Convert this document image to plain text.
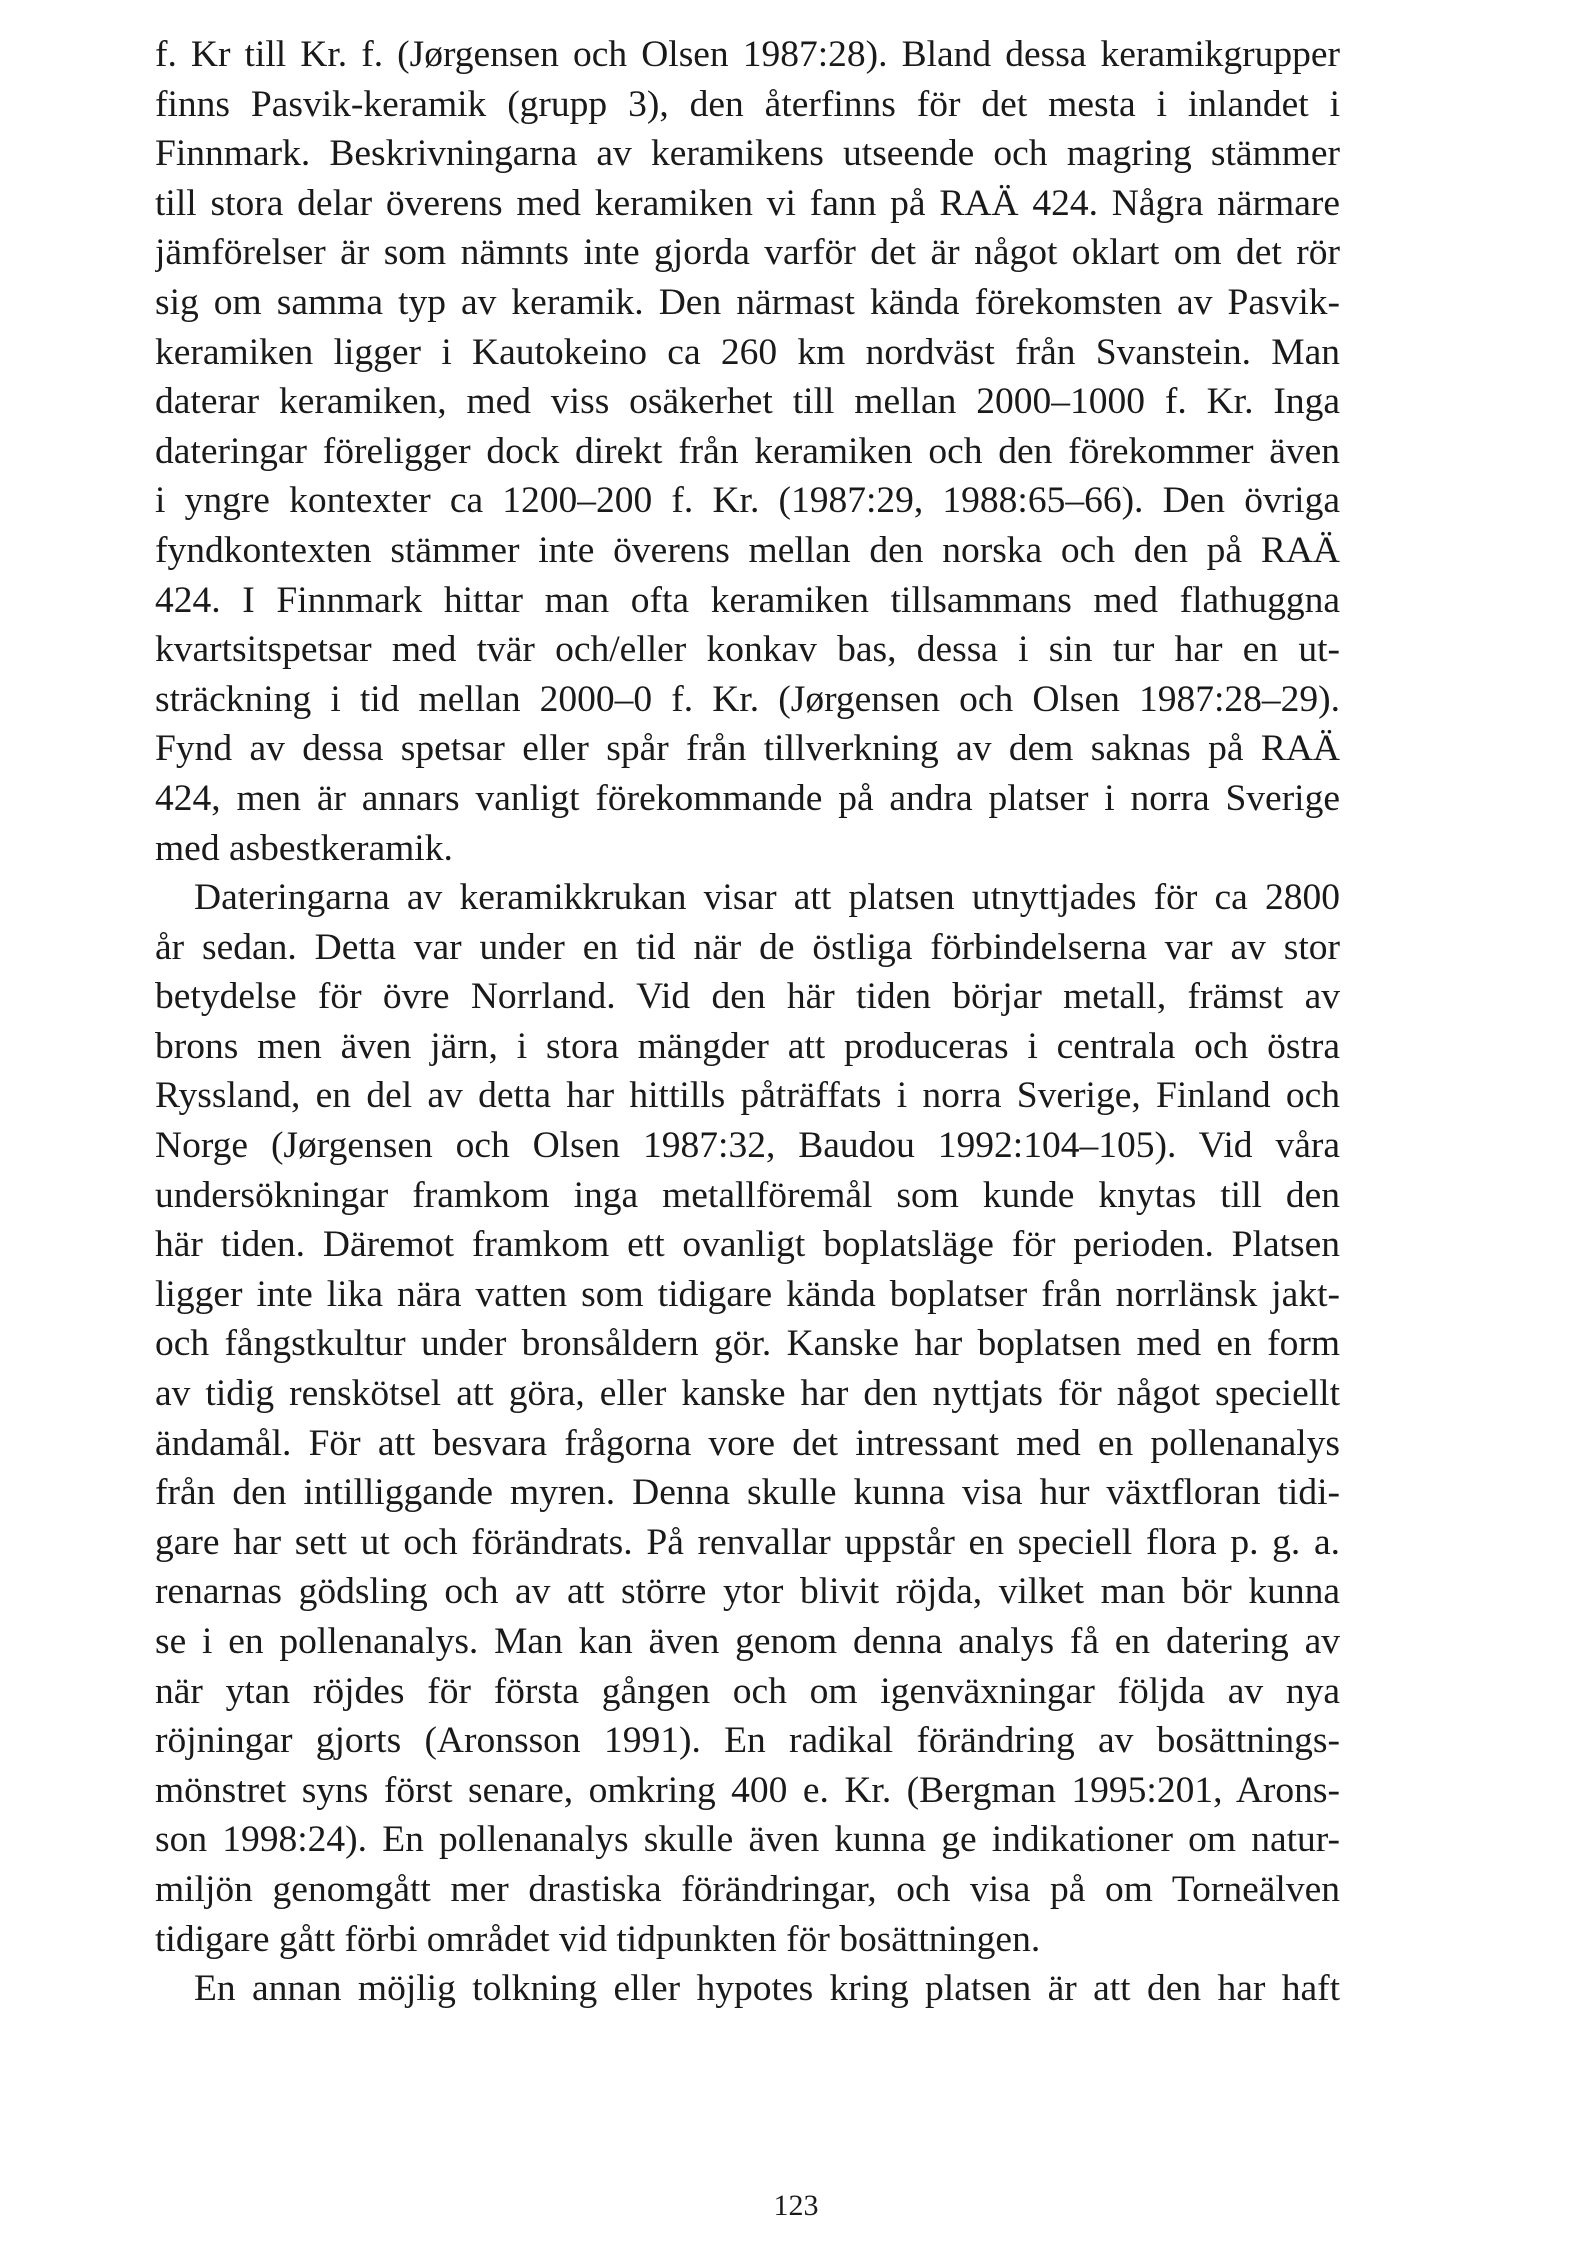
f. Kr till Kr. f. (Jørgensen och Olsen 1987:28). Bland dessa keramikgrupper
finns Pasvik-keramik (grupp 3), den återfinns för det mesta i inlandet i
Finnmark. Beskrivningarna av keramikens utseende och magring stämmer
till stora delar överens med keramiken vi fann på RAÄ 424. Några närmare
jämförelser är som nämnts inte gjorda varför det är något oklart om det rör
sig om samma typ av keramik. Den närmast kända förekomsten av Pasvik-
keramiken ligger i Kautokeino ca 260 km nordväst från Svanstein. Man
daterar keramiken, med viss osäkerhet till mellan 2000–1000 f. Kr. Inga
dateringar föreligger dock direkt från keramiken och den förekommer även
i yngre kontexter ca 1200–200 f. Kr. (1987:29, 1988:65–66). Den övriga
fyndkontexten stämmer inte överens mellan den norska och den på RAÄ
424. I Finnmark hittar man ofta keramiken tillsammans med flathuggna
kvartsitspetsar med tvär och/eller konkav bas, dessa i sin tur har en ut-
sträckning i tid mellan 2000–0 f. Kr. (Jørgensen och Olsen 1987:28–29).
Fynd av dessa spetsar eller spår från tillverkning av dem saknas på RAÄ
424, men är annars vanligt förekommande på andra platser i norra Sverige
med asbestkeramik.
Dateringarna av keramikkrukan visar att platsen utnyttjades för ca 2800
år sedan. Detta var under en tid när de östliga förbindelserna var av stor
betydelse för övre Norrland. Vid den här tiden börjar metall, främst av
brons men även järn, i stora mängder att produceras i centrala och östra
Ryssland, en del av detta har hittills påträffats i norra Sverige, Finland och
Norge (Jørgensen och Olsen 1987:32, Baudou 1992:104–105). Vid våra
undersökningar framkom inga metallföremål som kunde knytas till den
här tiden. Däremot framkom ett ovanligt boplatsläge för perioden. Platsen
ligger inte lika nära vatten som tidigare kända boplatser från norrlänsk jakt-
och fångstkultur under bronsåldern gör. Kanske har boplatsen med en form
av tidig renskötsel att göra, eller kanske har den nyttjats för något speciellt
ändamål. För att besvara frågorna vore det intressant med en pollenanalys
från den intilliggande myren. Denna skulle kunna visa hur växtfloran tidi-
gare har sett ut och förändrats. På renvallar uppstår en speciell flora p. g. a.
renarnas gödsling och av att större ytor blivit röjda, vilket man bör kunna
se i en pollenanalys. Man kan även genom denna analys få en datering av
när ytan röjdes för första gången och om igenväxningar följda av nya
röjningar gjorts (Aronsson 1991). En radikal förändring av bosättnings-
mönstret syns först senare, omkring 400 e. Kr. (Bergman 1995:201, Arons-
son 1998:24). En pollenanalys skulle även kunna ge indikationer om natur-
miljön genomgått mer drastiska förändringar, och visa på om Torneälven
tidigare gått förbi området vid tidpunkten för bosättningen.
En annan möjlig tolkning eller hypotes kring platsen är att den har haft
123
